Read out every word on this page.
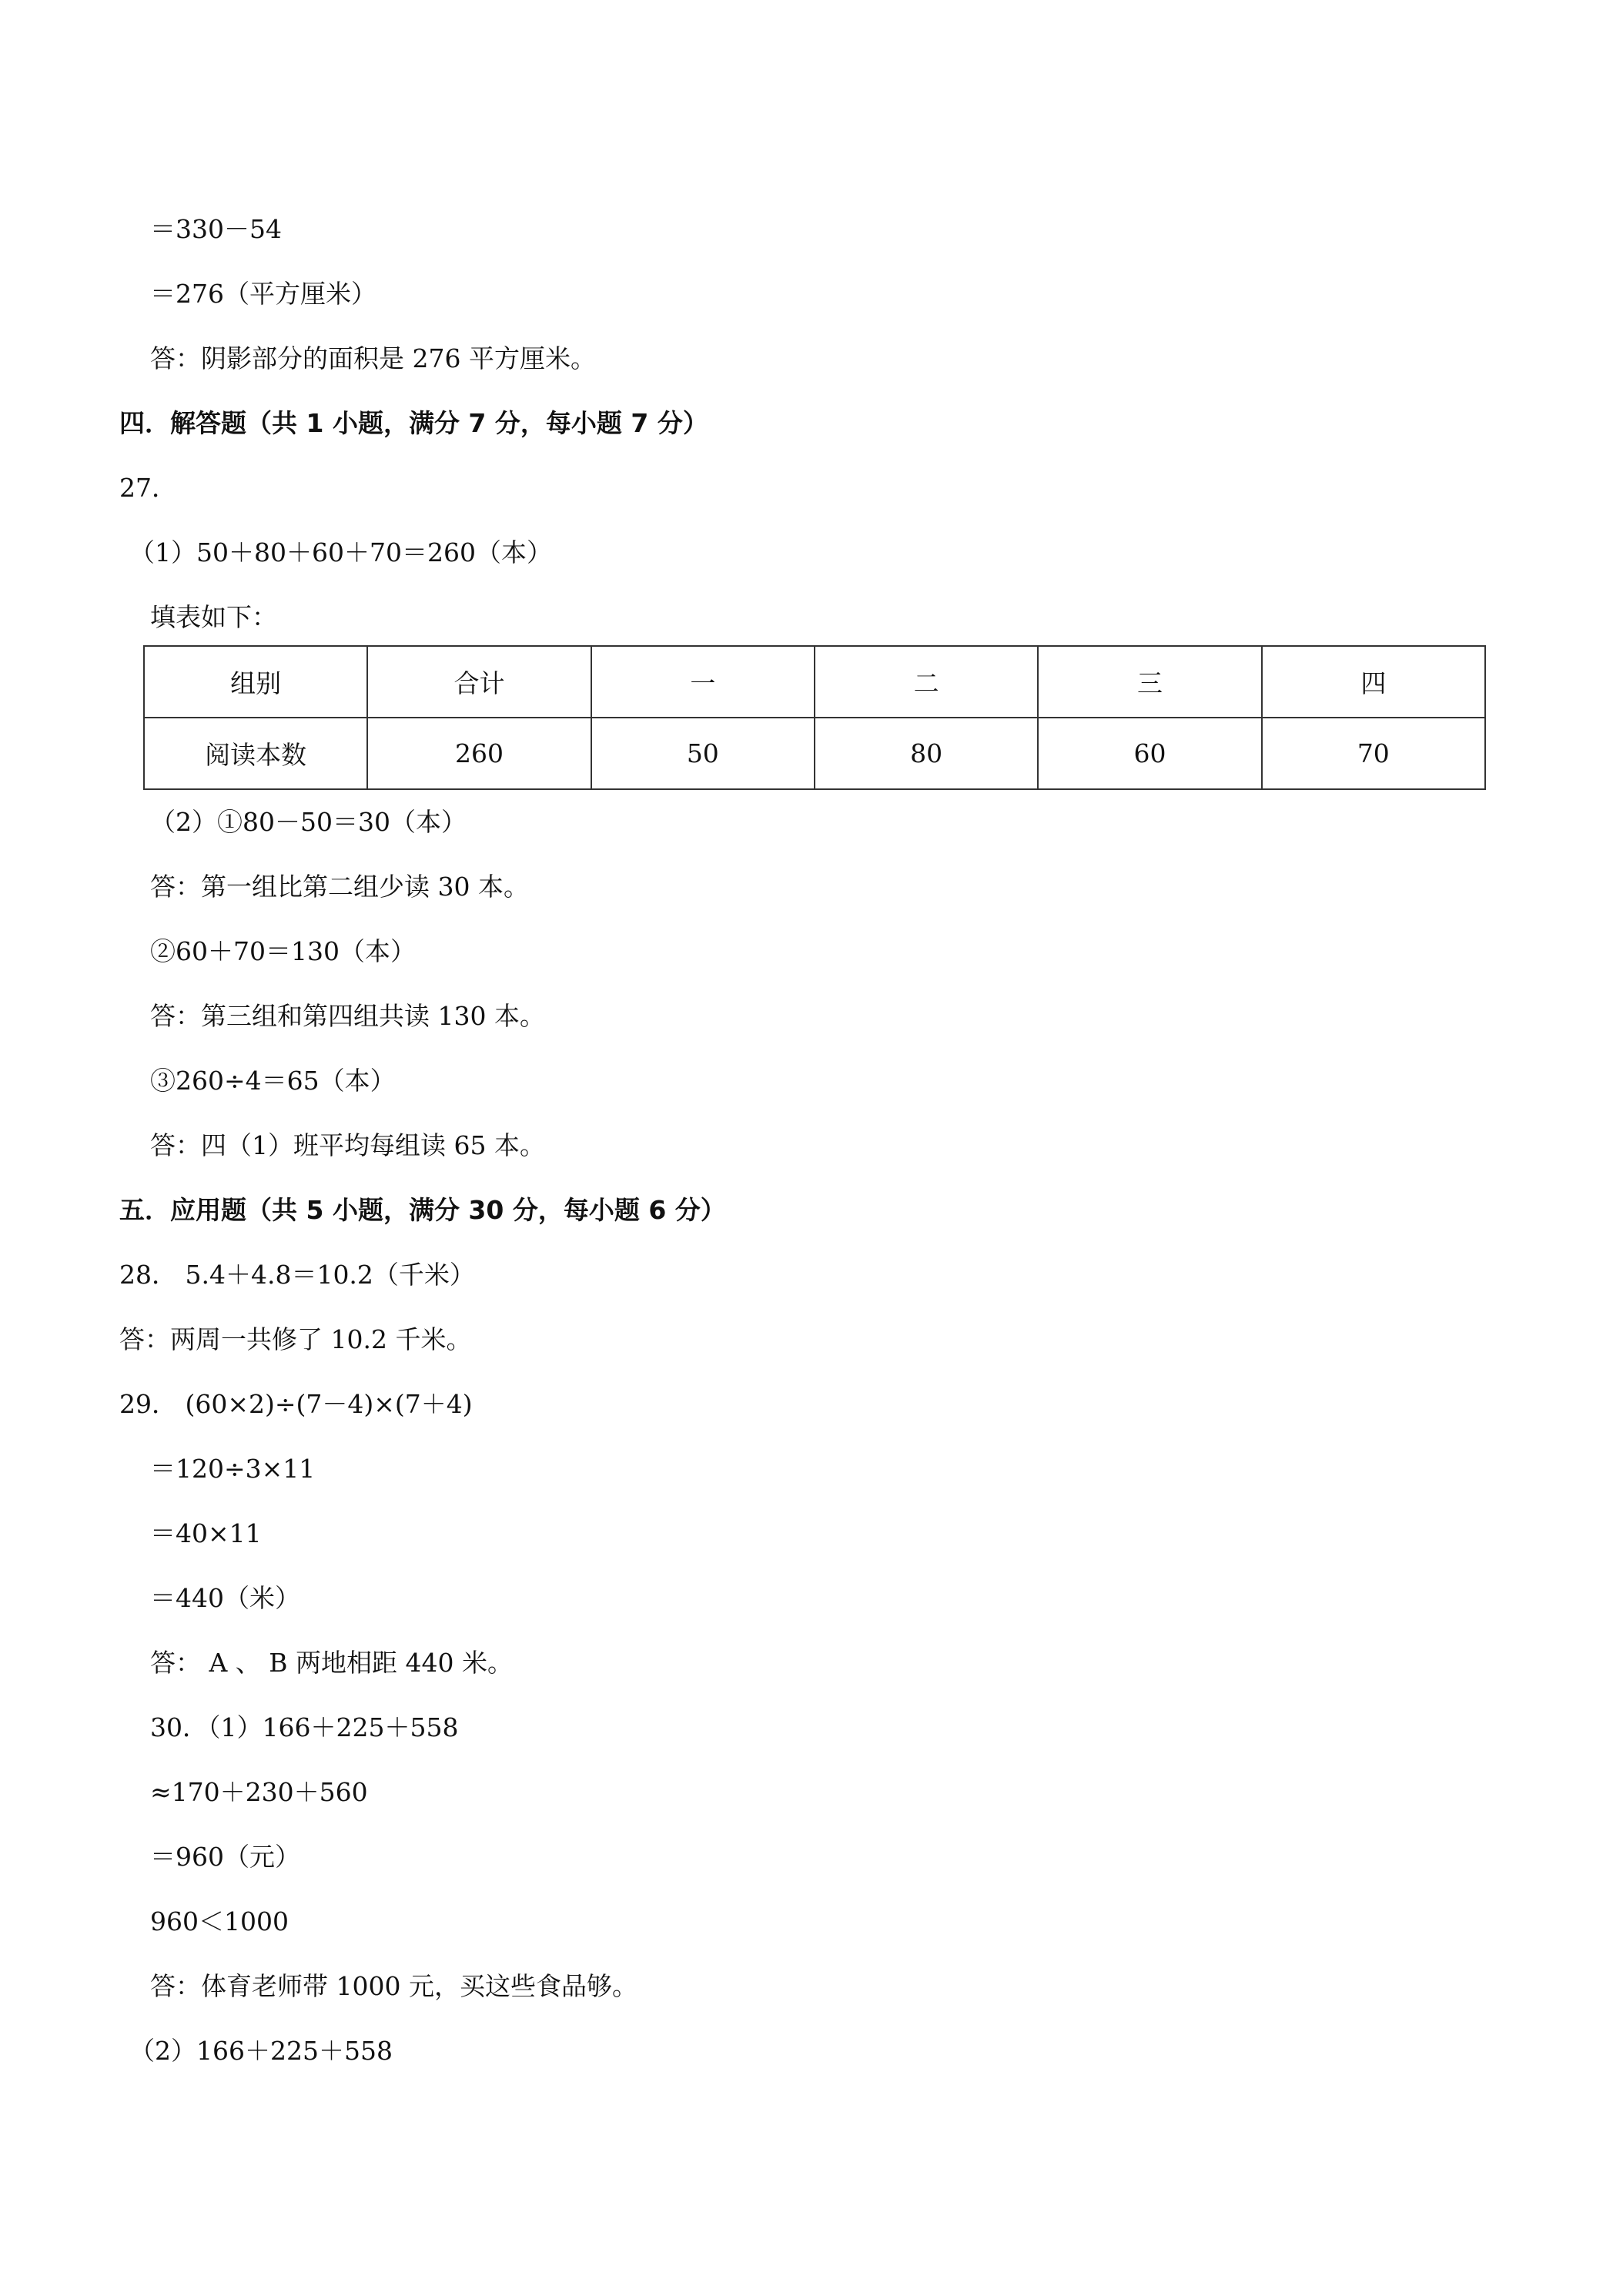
＝330－54
＝276（平方厘米）
答：阴影部分的面积是 276 平方厘米。
四．解答题（共 1 小题，满分 7 分，每小题 7 分）
27．
（1）50＋80＋60＋70＝260（本）
填表如下：
组别	合计	一	二	三	四
阅读本数	260	50	80	60	70
（2）①80－50＝30（本）
答：第一组比第二组少读 30 本。
②60＋70＝130（本）
答：第三组和第四组共读 130 本。
③260÷4＝65（本）
答：四（1）班平均每组读 65 本。
五．应用题（共 5 小题，满分 30 分，每小题 6 分）
28． 5.4＋4.8＝10.2（千米）
答：两周一共修了 10.2 千米。
29． (60×2)÷(7－4)×(7＋4)
＝120÷3×11
＝40×11
＝440（米）
答： A 、 B 两地相距 440 米。
30．（1）166＋225＋558
≈170＋230＋560
＝960（元）
960＜1000
答：体育老师带 1000 元，买这些食品够。
（2）166＋225＋558
